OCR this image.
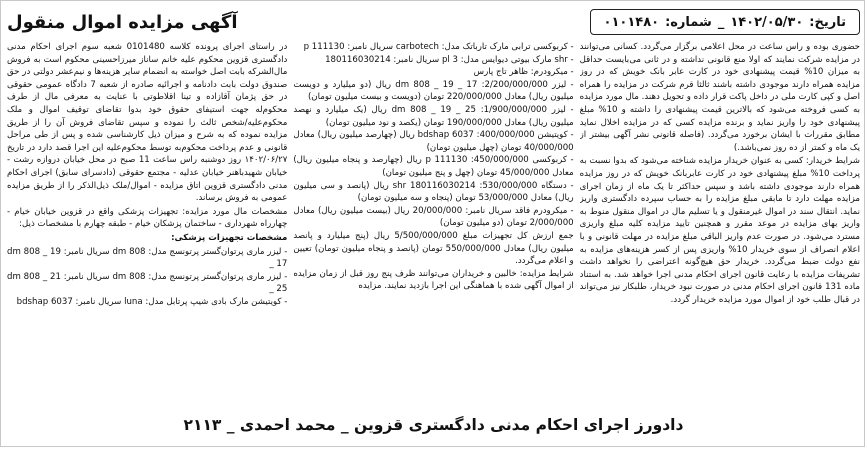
آگهی مزایده اموال منقول	تاریخ:
۱۴۰۲/۰۵/۳۰
_
شماره:
۰۱۰۱۴۸۰

در راستای اجرای پرونده کلاسه 0101480 شعبه سوم اجرای احکام مدنی دادگستری قزوین محکوم علیه خانم ساناز میرزاحسینی محکوم است به فروش مال‌الشرکه بابت اصل خواسته به انضمام سایر هزینه‌ها و نیم‌عشر دولتی در حق صندوق دولت بابت دادنامه و اجرائیه صادره از شعبه 7 دادگاه عمومی حقوقی در حق پژمان آقازاده و تینا اقلاطوتی با عنایت به معرفی مال از طرف محکوم‌له جهت استیفای حقوق خود بدوا تقاضای توقیف اموال و ملک محکوم‌علیه/شخص ثالث را نموده و سپس تقاضای فروش آن را از طریق مزایده نموده که به شرح و میزان ذیل کارشناسی شده و پس از طی مراحل قانونی و عدم پرداخت محکوم‌به توسط محکوم‌علیه این اجرا قصد دارد در تاریخ ۱۴۰۲/۰۶/۲۷ روز دوشنبه راس ساعت 11 صبح در محل خیابان دروازه رشت - خیابان شهیدباهنر خیابان عدلیه - مجتمع حقوقی (دادسرای سابق) اجرای احکام مدنی دادگستری قزوین اتاق مزایده - اموال/ملک ذیل‌الذکر را از طریق مزایده عمومی به فروش برساند.

مشخصات مال مورد مزایده: تجهیزات پزشکی واقع در قزوین خیابان خیام - چهارراه شهرداری - ساختمان پزشکان خیام - طبقه چهارم با مشخصات ذیل:

مشخصات تجهیزات پزشکی:

- لیزر ماری پرتوان‌گستر پرتونسج مدل: dm 808 سریال نامبر: dm 808 _ 19 _ 17

- لیزر ماری پرتوان‌گستر پرتونسج مدل: dm 808 سریال نامبر: dm 808 _ 21 _ 25

- کویتیشن مارک بادی شیپ پرتابل مدل: luna سریال نامبر: 6037 bdshap

- کربوکسی ترابی مارک تارباتک مدل: carbotech سریال نامبر: 111130 p

- shr مارک بیوتی دیوایس مدل: pl 3 سریال نامبر: 180116030214

- میکرودرم: ظاهر تاج پارس

- لیزر 2/200/000/000: 17 _ 19 _ dm 808 ریال (دو میلیارد و دویست میلیون ریال) معادل 220/000/000 تومان (دویست و بیست میلیون تومان)

- لیزر 1/900/000/000: 25 _ 19 _ dm 808 ریال (یک میلیارد و نهصد میلیون ریال) معادل 190/000/000 تومان (یکصد و نود میلیون تومان)

- کویتیشن bdshap 6037 :400/000/000 ریال (چهارصد میلیون ریال) معادل 40/000/000 تومان (چهل میلیون تومان)

- کربوکسی p 111130 :450/000/000 ریال (چهارصد و پنجاه میلیون ریال) معادل 45/000/000 تومان (چهل و پنج میلیون تومان)

- دستگاه shr 180116030214 :530/000/000 ریال (پانصد و سی میلیون ریال) معادل 53/000/000 تومان (پنجاه و سه میلیون تومان)

- میکرودرم فاقد سریال نامبر: 20/000/000 ریال (بیست میلیون ریال) معادل 2/000/000 تومان (دو میلیون تومان)

جمع ارزش کل تجهیزات مبلغ 5/500/000/000 ریال (پنج میلیارد و پانصد میلیون ریال) معادل 550/000/000 تومان (پانصد و پنجاه میلیون تومان) تعیین و اعلام می‌گردد.

شرایط مزایده: خالبین و خریداران می‌توانند ظرف پنج روز قبل از زمان مزایده از اموال آگهی شده با هماهنگی این اجرا بازدید نمایند. مزایده

حضوری بوده و راس ساعت در محل اعلامی برگزار می‌گردد. کسانی می‌توانند در مزایده شرکت نمایند که اولا منع قانونی نداشته و در ثانی می‌بایست حداقل به میزان 10% قیمت پیشنهادی خود در کارت عابر بانک خویش که در روز مزایده همراه دارند موجودی داشته باشند ثالثا قرم شرکت در مزایده را همراه اصل و کپی کارت ملی در داخل پاکت قرار داده و تحویل دهند. مال مورد مزایده به کسی فروخته می‌شود که بالاترین قیمت پیشنهادی را داشته و 10% مبلغ پیشنهادی خود را واریز نماید و برنده مزایده کسی که در مزایده اخلال نماید مطابق مقررات با ایشان برخورد می‌گردد. (فاصله قانونی نشر آگهی بیشتر از یک ماه و کمتر از ده روز نمی‌باشد.)

شرایط خریدار: کسی به عنوان خریدار مزایده شناخته می‌شود که بدوا نسبت به پرداخت 10% مبلغ پیشنهادی خود در کارت عابربانک خویش که در روز مزایده همراه دارند موجودی داشته باشد و سپس حداکثر تا یک ماه از زمان اجرای مزایده مهلت دارد تا مابقی مبلغ مزایده را به حساب سپرده دادگستری واریز نماید. انتقال سند در اموال غیرمنقول و یا تسلیم مال در اموال منقول منوط به واریز بهای مزایده در موعد مقرر و همچنین تایید مزایده کلیه مبلغ واریزی مسترد می‌شود. در صورت عدم واریز الباقی مبلغ مزایده در مهلت قانونی و با اعلام انصراف از سوی خریدار 10% واریزی پس از کسر هزینه‌های مزایده به نفع دولت ضبط می‌گردد. خریدار حق هیچ‌گونه اعتراضی را نخواهد داشت تشریفات مزایده با رعایت قانون اجرای احکام مدنی اجرا خواهد شد. به استناد ماده 131 قانون اجرای احکام مدنی در صورت نبود خریدار، طلبکار نیز می‌تواند در قبال طلب خود از اموال مورد مزایده خریدار گردد.

دادورز اجرای احکام مدنی دادگستری قزوین _ محمد احمدی _ ۲۱۱۳
